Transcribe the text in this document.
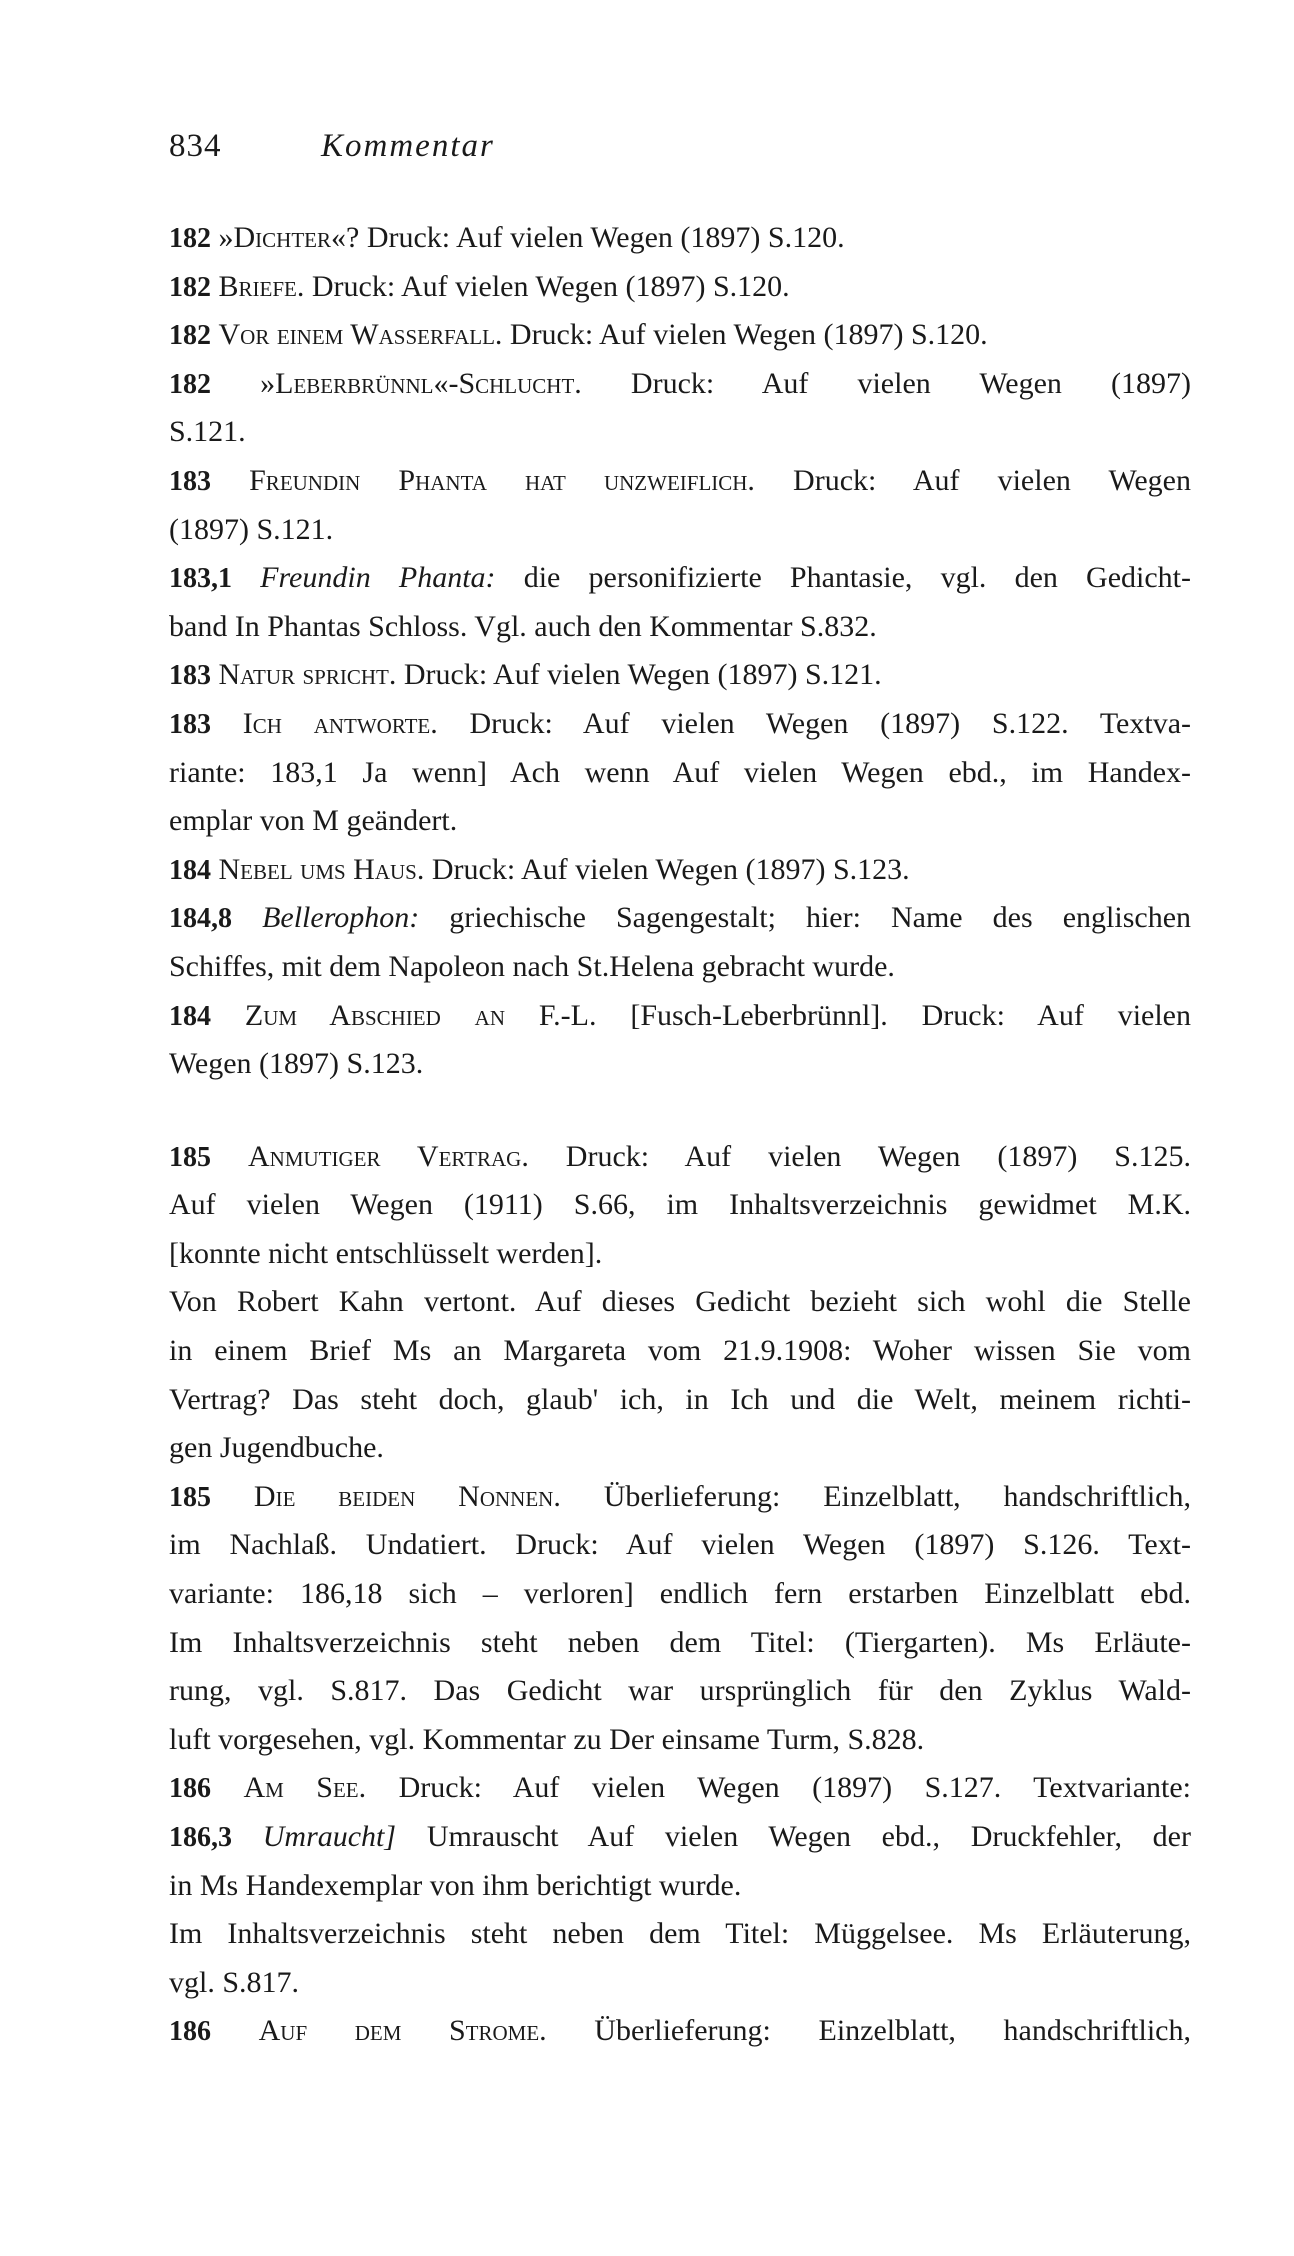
834	Kommentar
182 »Dichter«? Druck: Auf vielen Wegen (1897) S.120.
182 Briefe. Druck: Auf vielen Wegen (1897) S.120.
182 Vor einem Wasserfall. Druck: Auf vielen Wegen (1897) S.120.
182 »Leberbrünnl«-Schlucht. Druck: Auf vielen Wegen (1897)
S.121.
183 Freundin Phanta hat unzweiflich. Druck: Auf vielen Wegen
(1897) S.121.
183,1 Freundin Phanta: die personifizierte Phantasie, vgl. den Gedicht-
band In Phantas Schloss. Vgl. auch den Kommentar S.832.
183 Natur spricht. Druck: Auf vielen Wegen (1897) S.121.
183 Ich antworte. Druck: Auf vielen Wegen (1897) S.122. Textva-
riante: 183,1 Ja wenn] Ach wenn Auf vielen Wegen ebd., im Handex-
emplar von M geändert.
184 Nebel ums Haus. Druck: Auf vielen Wegen (1897) S.123.
184,8 Bellerophon: griechische Sagengestalt; hier: Name des englischen
Schiffes, mit dem Napoleon nach St.Helena gebracht wurde.
184 Zum Abschied an F.-L. [Fusch-Leberbrünnl]. Druck: Auf vielen
Wegen (1897) S.123.
185 Anmutiger Vertrag. Druck: Auf vielen Wegen (1897) S.125.
Auf vielen Wegen (1911) S.66, im Inhaltsverzeichnis gewidmet M.K.
[konnte nicht entschlüsselt werden].
Von Robert Kahn vertont. Auf dieses Gedicht bezieht sich wohl die Stelle
in einem Brief Ms an Margareta vom 21.9.1908: Woher wissen Sie vom
Vertrag? Das steht doch, glaub' ich, in Ich und die Welt, meinem richti-
gen Jugendbuche.
185 Die beiden Nonnen. Überlieferung: Einzelblatt, handschriftlich,
im Nachlaß. Undatiert. Druck: Auf vielen Wegen (1897) S.126. Text-
variante: 186,18 sich – verloren] endlich fern erstarben Einzelblatt ebd.
Im Inhaltsverzeichnis steht neben dem Titel: (Tiergarten). Ms Erläute-
rung, vgl. S.817. Das Gedicht war ursprünglich für den Zyklus Wald-
luft vorgesehen, vgl. Kommentar zu Der einsame Turm, S.828.
186 Am See. Druck: Auf vielen Wegen (1897) S.127. Textvariante:
186,3 Umraucht] Umrauscht Auf vielen Wegen ebd., Druckfehler, der
in Ms Handexemplar von ihm berichtigt wurde.
Im Inhaltsverzeichnis steht neben dem Titel: Müggelsee. Ms Erläuterung,
vgl. S.817.
186 Auf dem Strome. Überlieferung: Einzelblatt, handschriftlich,
